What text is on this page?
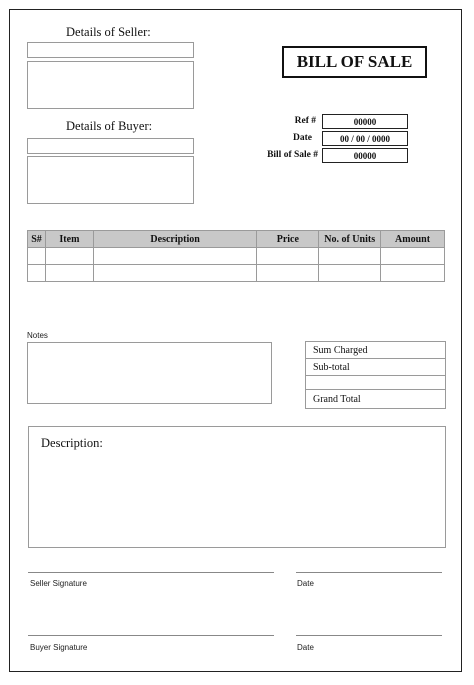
Details of Seller:
Details of Buyer:
BILL OF SALE
Ref #	00000
Date	00 / 00 / 0000
Bill of Sale #	00000
S#	Item	Description	Price	No. of Units	Amount

Notes
Sum Charged
Sub-total

Grand Total
Description:
Seller Signature	Date
Buyer Signature	Date
